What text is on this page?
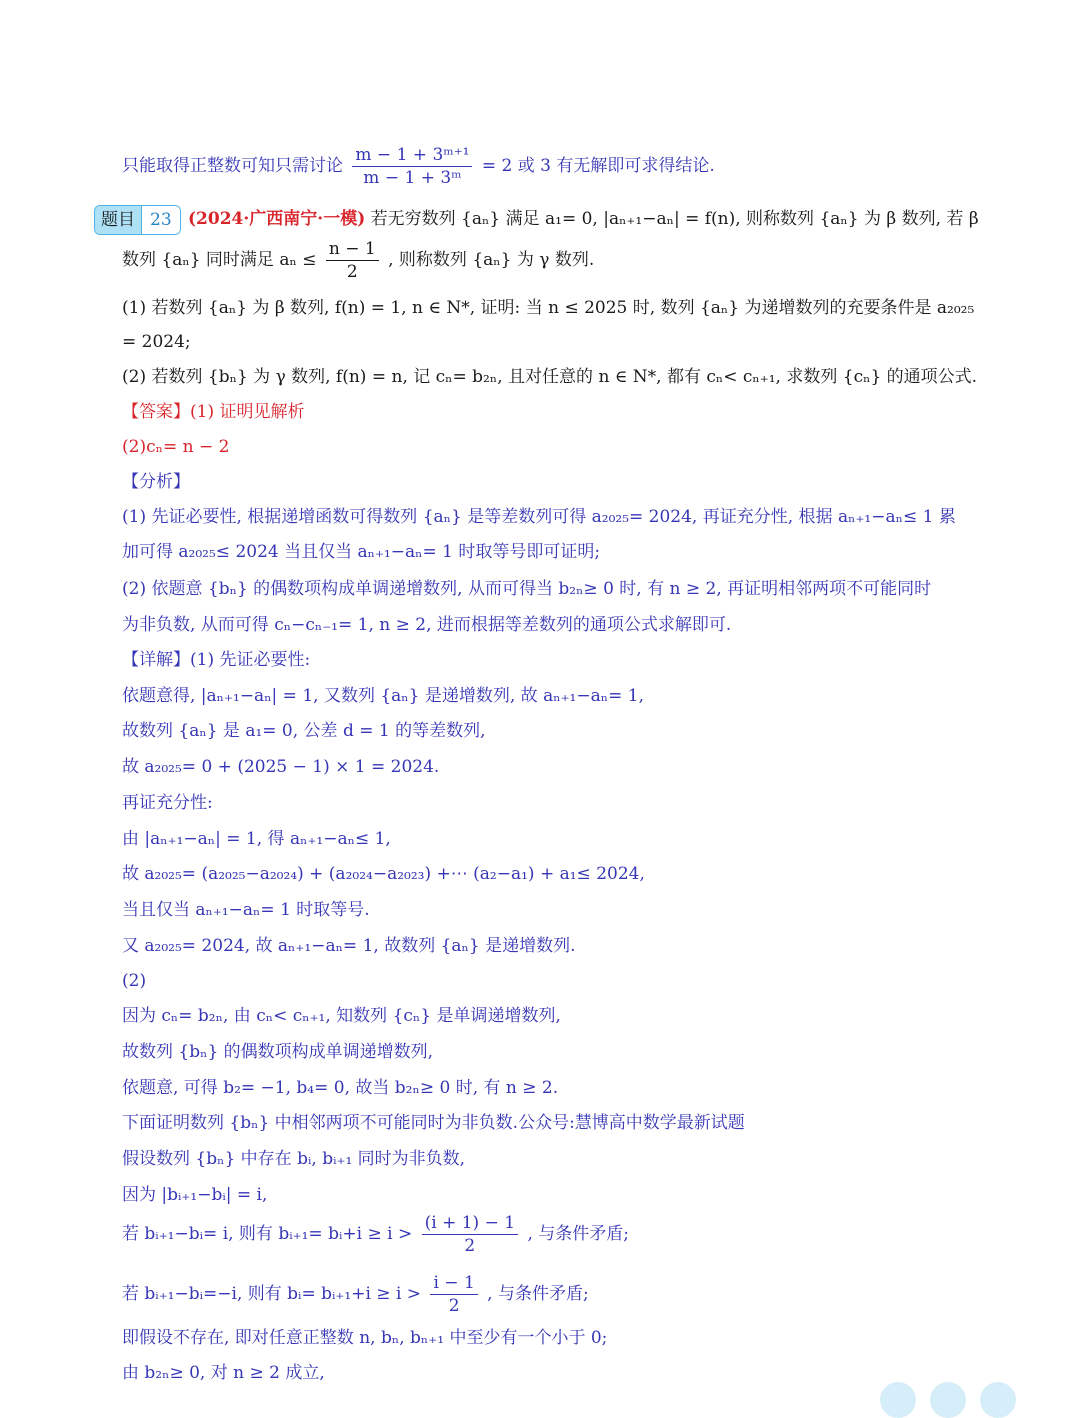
只能取得正整数可知只需讨论 $\frac{\text{m − 1 + 3ᵐ⁺¹}}{\text{m − 1 + 3ᵐ}} = 2$ 或 3 有无解即可求得结论.
题目 23 (2024·广西南宁·一模) 若无穷数列 {aₙ} 满足 a₁= 0, |aₙ₊₁−aₙ| = f(n), 则称数列 {aₙ} 为 β 数列, 若 β
数列 {aₙ} 同时满足 $a_n \le \frac{n - 1}{2}$ , 则称数列 {aₙ} 为 γ 数列.
(1) 若数列 {aₙ} 为 β 数列, f(n) = 1, n ∈ N*, 证明: 当 n ≤ 2025 时, 数列 {aₙ} 为递增数列的充要条件是 a₂₀₂₅
= 2024;
(2) 若数列 {bₙ} 为 γ 数列, f(n) = n, 记 cₙ= b₂ₙ, 且对任意的 n ∈ N*, 都有 cₙ< cₙ₊₁, 求数列 {cₙ} 的通项公式.
【答案】(1) 证明见解析
(2)cₙ= n − 2
【分析】
(1) 先证必要性, 根据递增函数可得数列 {aₙ} 是等差数列可得 a₂₀₂₅= 2024, 再证充分性, 根据 aₙ₊₁−aₙ≤ 1 累
加可得 a₂₀₂₅≤ 2024 当且仅当 aₙ₊₁−aₙ= 1 时取等号即可证明;
(2) 依题意 {bₙ} 的偶数项构成单调递增数列, 从而可得当 b₂ₙ≥ 0 时, 有 n ≥ 2, 再证明相邻两项不可能同时
为非负数, 从而可得 cₙ−cₙ₋₁= 1, n ≥ 2, 进而根据等差数列的通项公式求解即可.
【详解】(1) 先证必要性:
依题意得, |aₙ₊₁−aₙ| = 1, 又数列 {aₙ} 是递增数列, 故 aₙ₊₁−aₙ= 1,
故数列 {aₙ} 是 a₁= 0, 公差 d = 1 的等差数列,
故 a₂₀₂₅= 0 + (2025 − 1) × 1 = 2024.
再证充分性:
由 |aₙ₊₁−aₙ| = 1, 得 aₙ₊₁−aₙ≤ 1,
故 a₂₀₂₅= (a₂₀₂₅−a₂₀₂₄) + (a₂₀₂₄−a₂₀₂₃) +⋯ (a₂−a₁) + a₁≤ 2024,
当且仅当 aₙ₊₁−aₙ= 1 时取等号.
又 a₂₀₂₅= 2024, 故 aₙ₊₁−aₙ= 1, 故数列 {aₙ} 是递增数列.
(2)
因为 cₙ= b₂ₙ, 由 cₙ< cₙ₊₁, 知数列 {cₙ} 是单调递增数列,
故数列 {bₙ} 的偶数项构成单调递增数列,
依题意, 可得 b₂= −1, b₄= 0, 故当 b₂ₙ≥ 0 时, 有 n ≥ 2.
下面证明数列 {bₙ} 中相邻两项不可能同时为非负数.公众号:慧博高中数学最新试题
假设数列 {bₙ} 中存在 bᵢ, bᵢ₊₁ 同时为非负数,
因为 |bᵢ₊₁−bᵢ| = i,
若 bᵢ₊₁−bᵢ= i, 则有 bᵢ₊₁= bᵢ+i ≥ $i > \frac{(i + 1) - 1}{2}$ , 与条件矛盾;
若 bᵢ₊₁−bᵢ=−i, 则有 bᵢ= bᵢ₊₁+i ≥ $i > \frac{i - 1}{2}$ , 与条件矛盾;
即假设不存在, 即对任意正整数 n, bₙ, bₙ₊₁ 中至少有一个小于 0;
由 b₂ₙ≥ 0, 对 n ≥ 2 成立,
